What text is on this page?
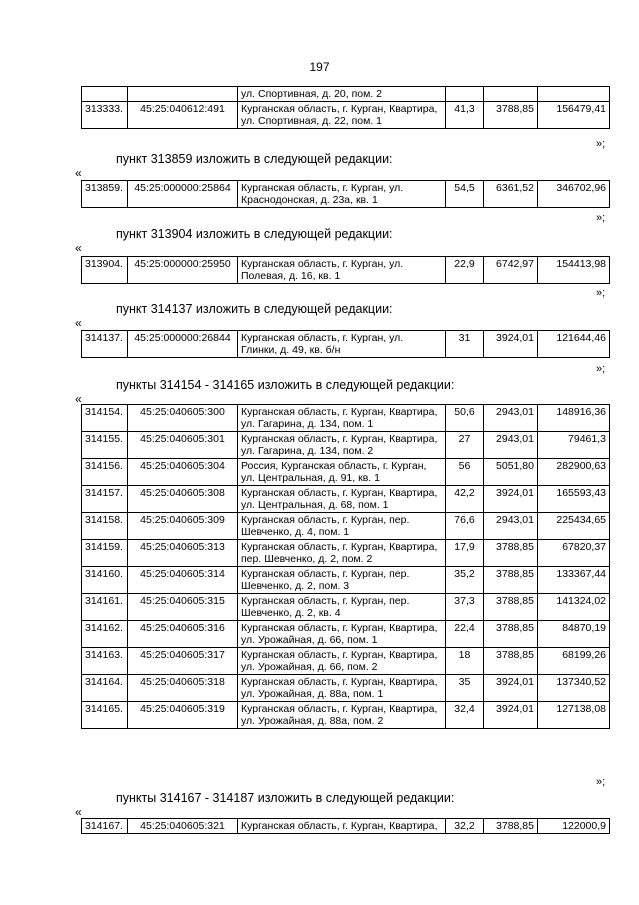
197
		ул. Спортивная, д. 20, пом. 2			
313333.	45:25:040612:491	Курганская область, г. Курган, Квартира, ул. Спортивная, д. 22, пом. 1	41,3	3788,85	156479,41
»;
пункт 313859 изложить в следующей редакции:
«
313859.	45:25:000000:25864	Курганская область, г. Курган, ул. Краснодонская, д. 23а, кв. 1	54,5	6361,52	346702,96
»;
пункт 313904 изложить в следующей редакции:
«
313904.	45:25:000000:25950	Курганская область, г. Курган, ул. Полевая, д. 16, кв. 1	22,9	6742,97	154413,98
»;
пункт 314137 изложить в следующей редакции:
«
314137.	45:25:000000:26844	Курганская область, г. Курган, ул. Глинки, д. 49, кв. б/н	31	3924,01	121644,46
»;
пункты 314154 - 314165 изложить в следующей редакции:
«
314154.	45:25:040605:300	Курганская область, г. Курган, Квартира, ул. Гагарина, д. 134, пом. 1	50,6	2943,01	148916,36
314155.	45:25:040605:301	Курганская область, г. Курган, Квартира, ул. Гагарина, д. 134, пом. 2	27	2943,01	79461,3
314156.	45:25:040605:304	Россия, Курганская область, г. Курган, ул. Центральная, д. 91, кв. 1	56	5051,80	282900,63
314157.	45:25:040605:308	Курганская область, г. Курган, Квартира, ул. Центральная, д. 68, пом. 1	42,2	3924,01	165593,43
314158.	45:25:040605:309	Курганская область, г. Курган, пер. Шевченко, д. 4, пом. 1	76,6	2943,01	225434,65
314159.	45:25:040605:313	Курганская область, г. Курган, Квартира, пер. Шевченко, д. 2, пом. 2	17,9	3788,85	67820,37
314160.	45:25:040605:314	Курганская область, г. Курган, пер. Шевченко, д. 2, пом. 3	35,2	3788,85	133367,44
314161.	45:25:040605:315	Курганская область, г. Курган, пер. Шевченко, д. 2, кв. 4	37,3	3788,85	141324,02
314162.	45:25:040605:316	Курганская область, г. Курган, Квартира, ул. Урожайная, д. 66, пом. 1	22,4	3788,85	84870,19
314163.	45:25:040605:317	Курганская область, г. Курган, Квартира, ул. Урожайная, д. 66, пом. 2	18	3788,85	68199,26
314164.	45:25:040605:318	Курганская область, г. Курган, Квартира, ул. Урожайная, д. 88а, пом. 1	35	3924,01	137340,52
314165.	45:25:040605:319	Курганская область, г. Курган, Квартира, ул. Урожайная, д. 88а, пом. 2	32,4	3924,01	127138,08
»;
пункты 314167 - 314187 изложить в следующей редакции:
«
314167.	45:25:040605:321	Курганская область, г. Курган, Квартира,	32,2	3788,85	122000,9
